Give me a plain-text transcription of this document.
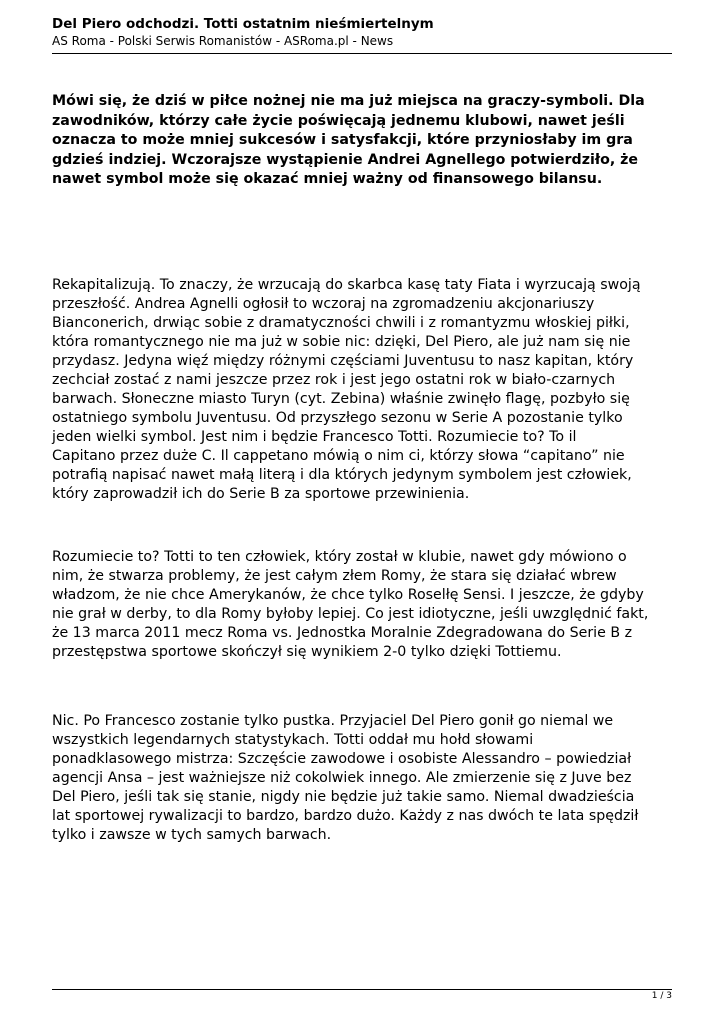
Del Piero odchodzi. Totti ostatnim nieśmiertelnym

AS Roma - Polski Serwis Romanistów - ASRoma.pl - News

Mówi się, że dziś w piłce nożnej nie ma już miejsca na graczy-symboli. Dla
zawodników, którzy całe życie poświęcają jednemu klubowi, nawet jeśli
oznacza to może mniej sukcesów i satysfakcji, które przyniosłaby im gra
gdzieś indziej. Wczorajsze wystąpienie Andrei Agnellego potwierdziło, że
nawet symbol może się okazać mniej ważny od finansowego bilansu.

Rekapitalizują. To znaczy, że wrzucają do skarbca kasę taty Fiata i wyrzucają swoją
przeszłość. Andrea Agnelli ogłosił to wczoraj na zgromadzeniu akcjonariuszy
Bianconerich, drwiąc sobie z dramatyczności chwili i z romantyzmu włoskiej piłki,
która romantycznego nie ma już w sobie nic: dzięki, Del Piero, ale już nam się nie
przydasz. Jedyna więź między różnymi częściami Juventusu to nasz kapitan, który
zechciał zostać z nami jeszcze przez rok i jest jego ostatni rok w biało-czarnych
barwach. Słoneczne miasto Turyn (cyt. Zebina) właśnie zwinęło flagę, pozbyło się
ostatniego symbolu Juventusu. Od przyszłego sezonu w Serie A pozostanie tylko
jeden wielki symbol. Jest nim i będzie Francesco Totti. Rozumiecie to? To il
Capitano przez duże C. Il cappetano mówią o nim ci, którzy słowa “capitano” nie
potrafią napisać nawet małą literą i dla których jedynym symbolem jest człowiek,
który zaprowadził ich do Serie B za sportowe przewinienia.

Rozumiecie to? Totti to ten człowiek, który został w klubie, nawet gdy mówiono o
nim, że stwarza problemy, że jest całym złem Romy, że stara się działać wbrew
władzom, że nie chce Amerykanów, że chce tylko Roselłę Sensi. I jeszcze, że gdyby
nie grał w derby, to dla Romy byłoby lepiej. Co jest idiotyczne, jeśli uwzględnić fakt,
że 13 marca 2011 mecz Roma vs. Jednostka Moralnie Zdegradowana do Serie B z
przestępstwa sportowe skończył się wynikiem 2-0 tylko dzięki Tottiemu.

Nic. Po Francesco zostanie tylko pustka. Przyjaciel Del Piero gonił go niemal we
wszystkich legendarnych statystykach. Totti oddał mu hołd słowami
ponadklasowego mistrza: Szczęście zawodowe i osobiste Alessandro – powiedział
agencji Ansa – jest ważniejsze niż cokolwiek innego. Ale zmierzenie się z Juve bez
Del Piero, jeśli tak się stanie, nigdy nie będzie już takie samo. Niemal dwadzieścia
lat sportowej rywalizacji to bardzo, bardzo dużo. Każdy z nas dwóch te lata spędził
tylko i zawsze w tych samych barwach.

1 / 3
